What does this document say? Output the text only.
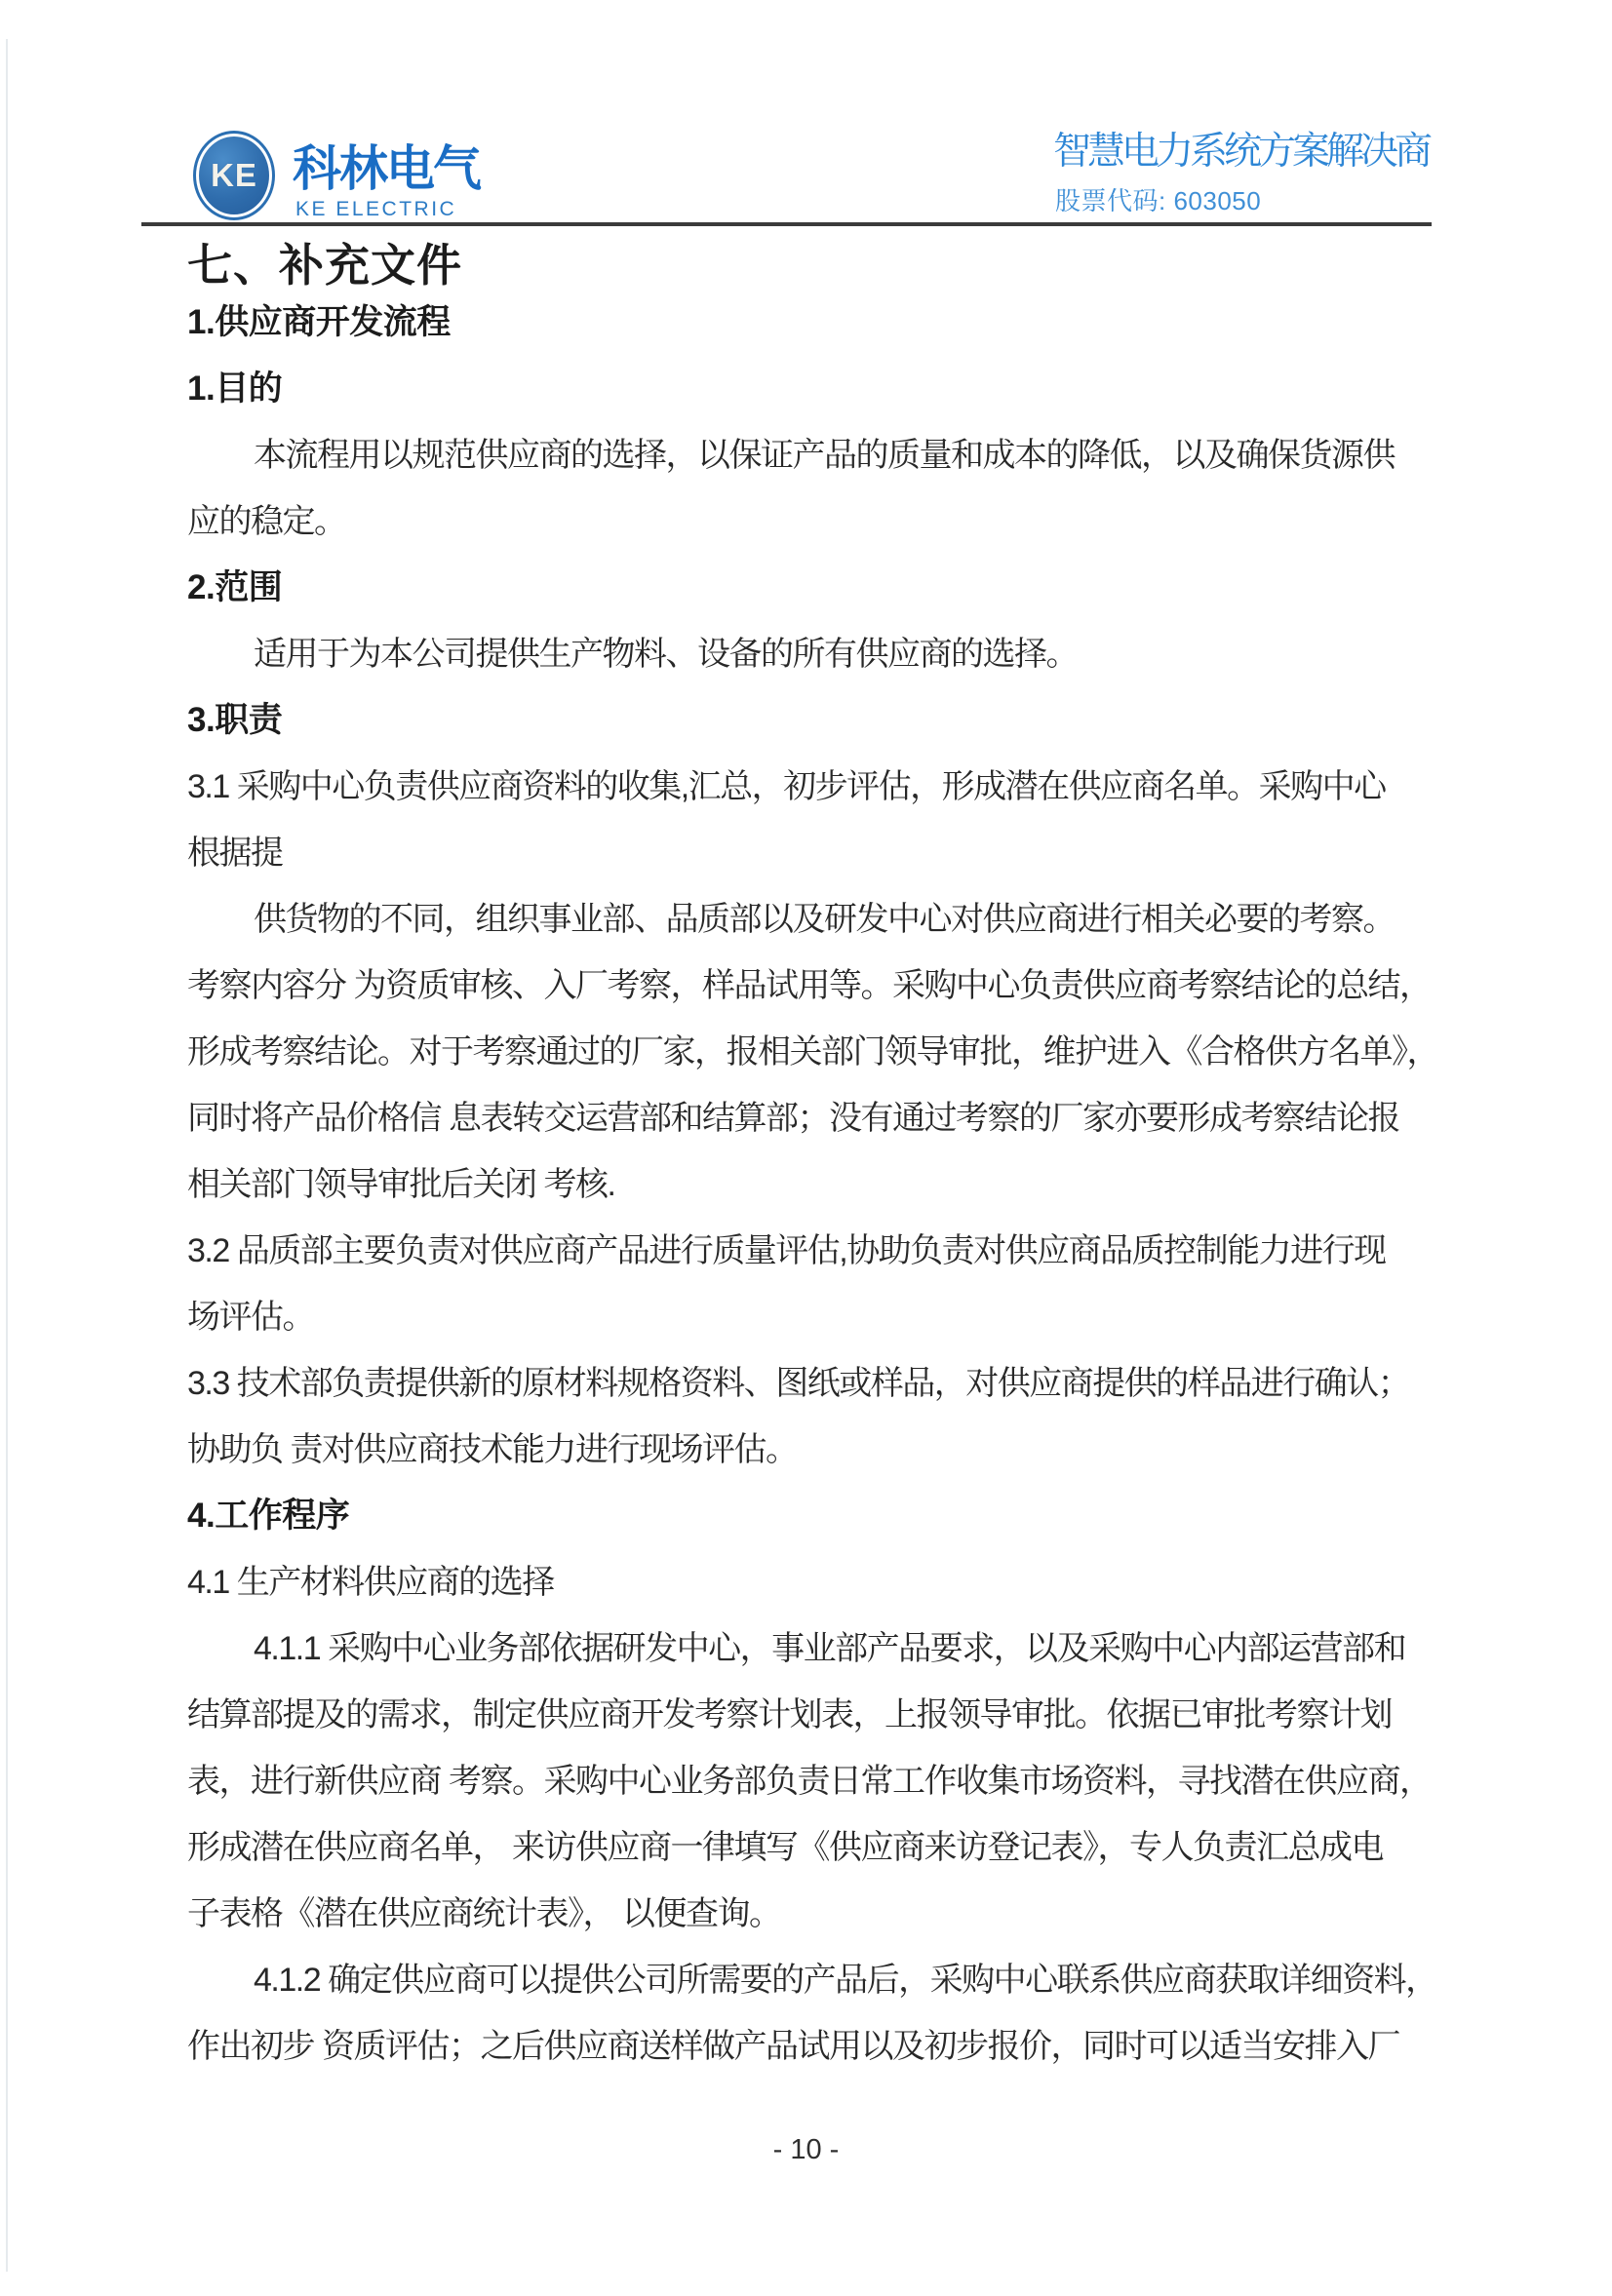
KE 科林电气
KE ELECTRIC
智慧电力系统方案解决商
股票代码: 603050
七、补充文件
1.供应商开发流程
1.目的
本流程用以规范供应商的选择，以保证产品的质量和成本的降低，以及确保货源供
应的稳定。
2.范围
适用于为本公司提供生产物料、设备的所有供应商的选择。
3.职责
3.1 采购中心负责供应商资料的收集,汇总，初步评估，形成潜在供应商名单。采购中心
根据提
供货物的不同，组织事业部、品质部以及研发中心对供应商进行相关必要的考察。
考察内容分 为资质审核、入厂考察，样品试用等。采购中心负责供应商考察结论的总结，
形成考察结论。对于考察通过的厂家，报相关部门领导审批，维护进入《合格供方名单》，
同时将产品价格信 息表转交运营部和结算部；没有通过考察的厂家亦要形成考察结论报
相关部门领导审批后关闭 考核.
3.2 品质部主要负责对供应商产品进行质量评估,协助负责对供应商品质控制能力进行现
场评估。
3.3 技术部负责提供新的原材料规格资料、图纸或样品，对供应商提供的样品进行确认；
协助负 责对供应商技术能力进行现场评估。
4.工作程序
4.1 生产材料供应商的选择
4.1.1 采购中心业务部依据研发中心，事业部产品要求，以及采购中心内部运营部和
结算部提及的需求，制定供应商开发考察计划表，上报领导审批。依据已审批考察计划
表，进行新供应商 考察。采购中心业务部负责日常工作收集市场资料，寻找潜在供应商，
形成潜在供应商名单， 来访供应商一律填写《供应商来访登记表》，专人负责汇总成电
子表格《潜在供应商统计表》， 以便查询。
4.1.2 确定供应商可以提供公司所需要的产品后，采购中心联系供应商获取详细资料，
作出初步 资质评估；之后供应商送样做产品试用以及初步报价，同时可以适当安排入厂
- 10 -
